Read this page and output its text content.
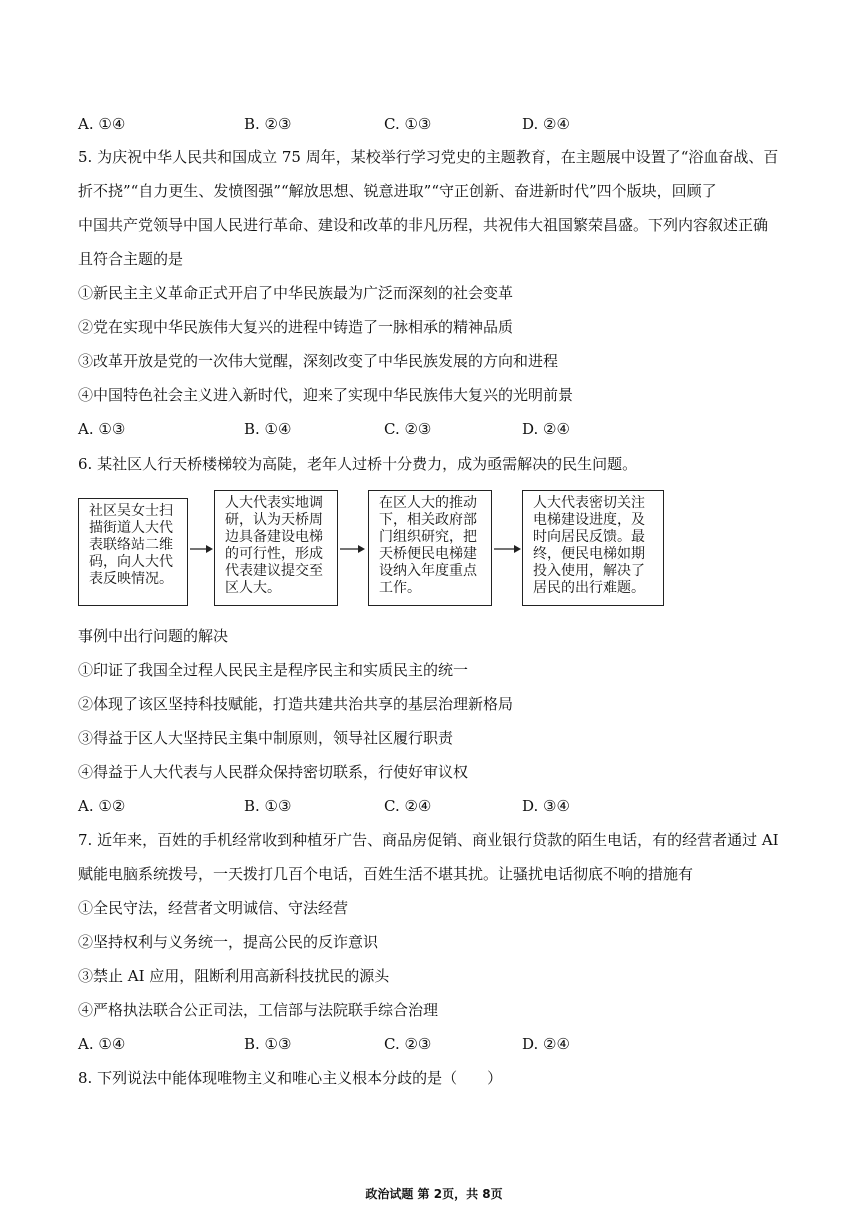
A. ①④	B. ②③	C. ①③	D. ②④
5. 为庆祝中华人民共和国成立 75 周年，某校举行学习党史的主题教育，在主题展中设置了“浴血奋战、百
折不挠”“自力更生、发愤图强”“解放思想、锐意进取”“守正创新、奋进新时代”四个版块，回顾了
中国共产党领导中国人民进行革命、建设和改革的非凡历程，共祝伟大祖国繁荣昌盛。下列内容叙述正确
且符合主题的是
①新民主主义革命正式开启了中华民族最为广泛而深刻的社会变革
②党在实现中华民族伟大复兴的进程中铸造了一脉相承的精神品质
③改革开放是党的一次伟大觉醒，深刻改变了中华民族发展的方向和进程
④中国特色社会主义进入新时代，迎来了实现中华民族伟大复兴的光明前景
A. ①③	B. ①④	C. ②③	D. ②④
6. 某社区人行天桥楼梯较为高陡，老年人过桥十分费力，成为亟需解决的民生问题。
社区吴女士扫
描街道人大代
表联络站二维
码，向人大代
表反映情况。
人大代表实地调
研，认为天桥周
边具备建设电梯
的可行性，形成
代表建议提交至
区人大。
在区人大的推动
下，相关政府部
门组织研究，把
天桥便民电梯建
设纳入年度重点
工作。
人大代表密切关注
电梯建设进度，及
时向居民反馈。最
终，便民电梯如期
投入使用，解决了
居民的出行难题。
事例中出行问题的解决
①印证了我国全过程人民民主是程序民主和实质民主的统一
②体现了该区坚持科技赋能，打造共建共治共享的基层治理新格局
③得益于区人大坚持民主集中制原则，领导社区履行职责
④得益于人大代表与人民群众保持密切联系，行使好审议权
A. ①②	B. ①③	C. ②④	D. ③④
7. 近年来，百姓的手机经常收到种植牙广告、商品房促销、商业银行贷款的陌生电话，有的经营者通过 AI
赋能电脑系统拨号，一天拨打几百个电话，百姓生活不堪其扰。让骚扰电话彻底不响的措施有
①全民守法，经营者文明诚信、守法经营
②坚持权利与义务统一，提高公民的反诈意识
③禁止 AI 应用，阻断利用高新科技扰民的源头
④严格执法联合公正司法，工信部与法院联手综合治理
A. ①④	B. ①③	C. ②③	D. ②④
8. 下列说法中能体现唯物主义和唯心主义根本分歧的是（　　）
政治试题 第 2页，共 8页
